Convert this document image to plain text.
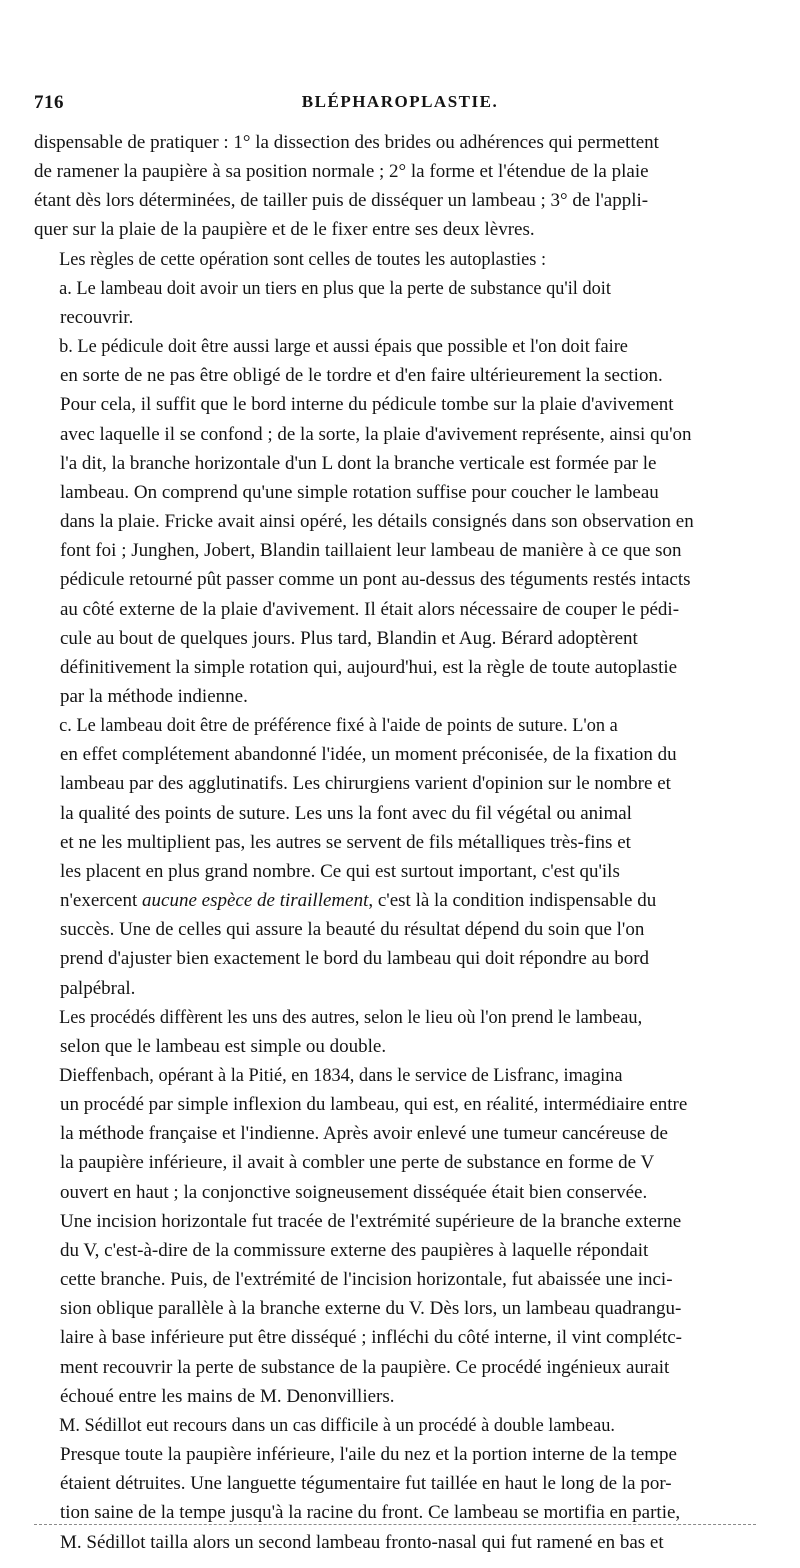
716	BLÉPHAROPLASTIE.

dispensable de pratiquer : 1° la dissection des brides ou adhérences qui permettent
de ramener la paupière à sa position normale ; 2° la forme et l'étendue de la plaie
étant dès lors déterminées, de tailler puis de disséquer un lambeau ; 3° de l'appli-
quer sur la plaie de la paupière et de le fixer entre ses deux lèvres.

Les règles de cette opération sont celles de toutes les autoplasties :

a. Le lambeau doit avoir un tiers en plus que la perte de substance qu'il doit
recouvrir.

b. Le pédicule doit être aussi large et aussi épais que possible et l'on doit faire
en sorte de ne pas être obligé de le tordre et d'en faire ultérieurement la section.
Pour cela, il suffit que le bord interne du pédicule tombe sur la plaie d'avivement
avec laquelle il se confond ; de la sorte, la plaie d'avivement représente, ainsi qu'on
l'a dit, la branche horizontale d'un L dont la branche verticale est formée par le
lambeau. On comprend qu'une simple rotation suffise pour coucher le lambeau
dans la plaie. Fricke avait ainsi opéré, les détails consignés dans son observation en
font foi ; Junghen, Jobert, Blandin taillaient leur lambeau de manière à ce que son
pédicule retourné pût passer comme un pont au-dessus des téguments restés intacts
au côté externe de la plaie d'avivement. Il était alors nécessaire de couper le pédi-
cule au bout de quelques jours. Plus tard, Blandin et Aug. Bérard adoptèrent
définitivement la simple rotation qui, aujourd'hui, est la règle de toute autoplastie
par la méthode indienne.

c. Le lambeau doit être de préférence fixé à l'aide de points de suture. L'on a
en effet complétement abandonné l'idée, un moment préconisée, de la fixation du
lambeau par des agglutinatifs. Les chirurgiens varient d'opinion sur le nombre et
la qualité des points de suture. Les uns la font avec du fil végétal ou animal
et ne les multiplient pas, les autres se servent de fils métalliques très-fins et
les placent en plus grand nombre. Ce qui est surtout important, c'est qu'ils
n'exercent aucune espèce de tiraillement, c'est là la condition indispensable du
succès. Une de celles qui assure la beauté du résultat dépend du soin que l'on
prend d'ajuster bien exactement le bord du lambeau qui doit répondre au bord
palpébral.

Les procédés diffèrent les uns des autres, selon le lieu où l'on prend le lambeau,
selon que le lambeau est simple ou double.

Dieffenbach, opérant à la Pitié, en 1834, dans le service de Lisfranc, imagina
un procédé par simple inflexion du lambeau, qui est, en réalité, intermédiaire entre
la méthode française et l'indienne. Après avoir enlevé une tumeur cancéreuse de
la paupière inférieure, il avait à combler une perte de substance en forme de V
ouvert en haut ; la conjonctive soigneusement disséquée était bien conservée.
Une incision horizontale fut tracée de l'extrémité supérieure de la branche externe
du V, c'est-à-dire de la commissure externe des paupières à laquelle répondait
cette branche. Puis, de l'extrémité de l'incision horizontale, fut abaissée une inci-
sion oblique parallèle à la branche externe du V. Dès lors, un lambeau quadrangu-
laire à base inférieure put être disséqué ; infléchi du côté interne, il vint complétc-
ment recouvrir la perte de substance de la paupière. Ce procédé ingénieux aurait
échoué entre les mains de M. Denonvilliers.

M. Sédillot eut recours dans un cas difficile à un procédé à double lambeau.
Presque toute la paupière inférieure, l'aile du nez et la portion interne de la tempe
étaient détruites. Une languette tégumentaire fut taillée en haut le long de la por-
tion saine de la tempe jusqu'à la racine du front. Ce lambeau se mortifia en partie,
M. Sédillot tailla alors un second lambeau fronto-nasal qui fut ramené en bas et
